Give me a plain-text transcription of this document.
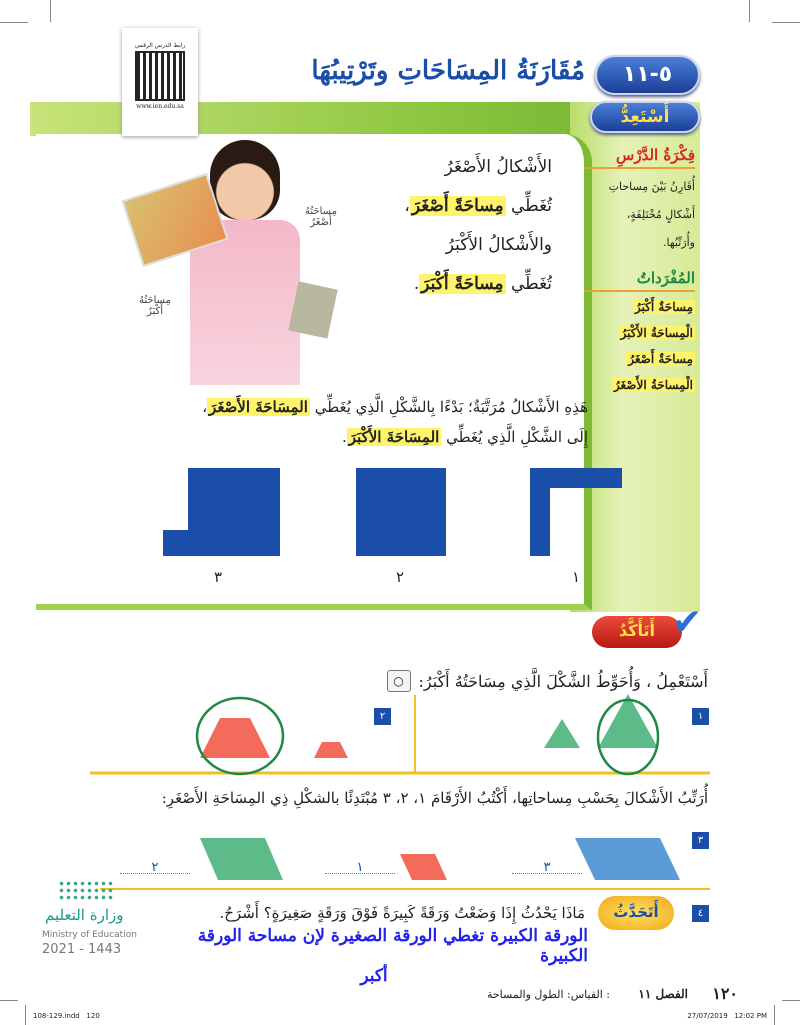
رابط الدرس الرقمي
www.ien.edu.sa
٥-١١
مُقَارَنَةُ المِسَاحَاتِ وتَرْتِيبُهَا
أَسْتَعِدُّ
فِكْرَةُ الدَّرْسِ
أُقَارِنُ بَيْنَ مِساحاتِ
أَشْكالٍ مُخْتَلِفَةٍ،
وأُرَتِّبُها.
المُفْرَداتُ
مِساحَةٌ أَكْبَرُ
الْمِساحَةُ الأَكْبَرُ
مِساحَةٌ أَصْغَرُ
الْمِساحَةُ الأَصْغَرُ
مِساحَتُهُ أَصْغَرُ
مِساحَتُهُ أَكْبَرُ
الأَشْكالُ الأَصْغَرُ
تُغَطِّي مِساحَةً أَصْغَرَ،
والأَشْكالُ الأَكْبَرُ
تُغَطِّي مِساحَةً أَكْبَرَ.
هَذِهِ الأَشْكالُ مُرَتَّبَةٌ؛ بَدْءًا بِالشَّكْلِ الَّذِي يُغَطِّي المِسَاحَةَ الأَصْغَرَ،
إِلَى الشَّكْلِ الَّذِي يُغَطِّي المِسَاحَةَ الأَكْبَرَ.
١
٢
٣
أَتَأَكَّدُ ✔
أَسْتَعْمِلُ ، وَأُحَوِّطُ الشَّكْلَ الَّذِي مِسَاحَتُهُ أَكْبَرُ:
○
١
٢
أُرَتِّبُ الأَشْكالَ بِحَسْبِ مِساحاتِها، أَكْتُبُ الأَرْقَامَ ١، ٢، ٣ مُبْتَدِئًا بالشكْلِ ذِي المِسَاحَةِ الأَصْغَرِ:
٣
٣
١
٢
٤
أَتَحَدَّثُ
مَاذَا يَحْدُثُ إِذَا وَضَعْتُ وَرَقَةً كَبِيرَةً فَوْقَ وَرَقَةٍ صَغِيرَةٍ؟ أَشْرَحُ.
الورقة الكبيرة تغطي الورقة الصغيرة لإن مساحة الورقة الكبيرة
أكبر
١٢٠
الفصل ١١
: القياس: الطول والمساحة
وزارة التعليم
Ministry of Education
2021 - 1443
108-129.indd   120	27/07/2019   12:02 PM
